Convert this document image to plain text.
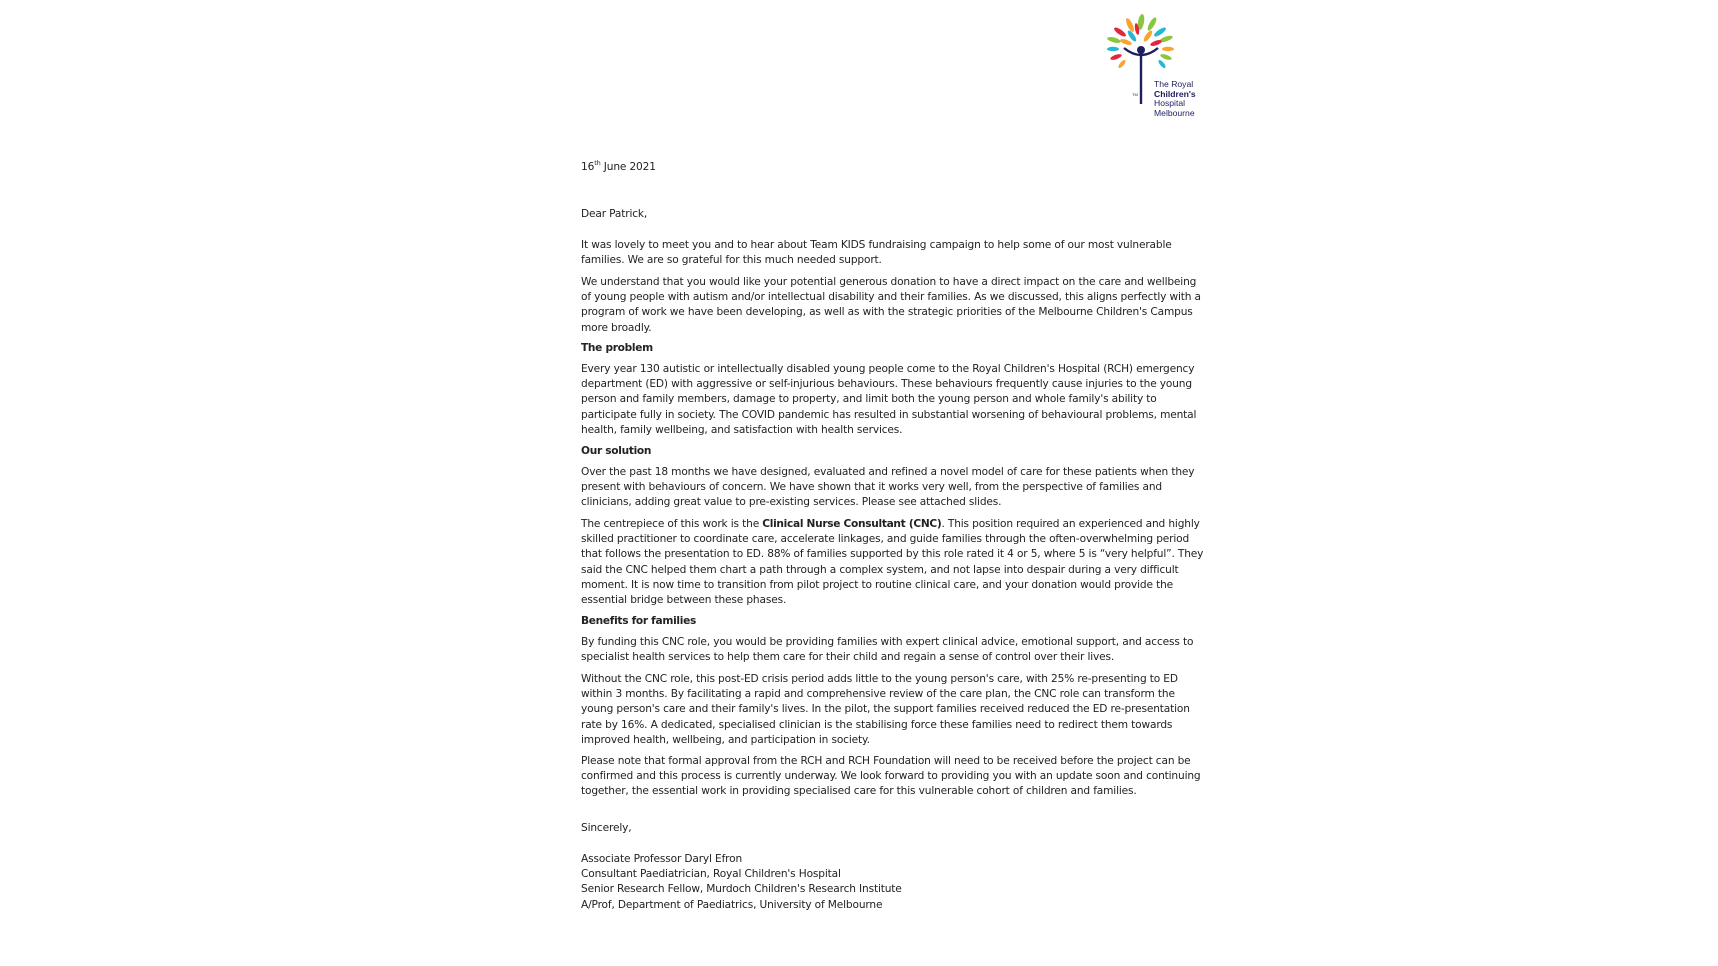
TM
The Royal
Children's
Hospital
Melbourne

16th June 2021

Dear Patrick,

It was lovely to meet you and to hear about Team KIDS fundraising campaign to help some of our most vulnerable families. We are so grateful for this much needed support.

We understand that you would like your potential generous donation to have a direct impact on the care and wellbeing of young people with autism and/or intellectual disability and their families. As we discussed, this aligns perfectly with a program of work we have been developing, as well as with the strategic priorities of the Melbourne Children's Campus more broadly.

The problem

Every year 130 autistic or intellectually disabled young people come to the Royal Children's Hospital (RCH) emergency department (ED) with aggressive or self-injurious behaviours. These behaviours frequently cause injuries to the young person and family members, damage to property, and limit both the young person and whole family's ability to participate fully in society. The COVID pandemic has resulted in substantial worsening of behavioural problems, mental health, family wellbeing, and satisfaction with health services.

Our solution

Over the past 18 months we have designed, evaluated and refined a novel model of care for these patients when they present with behaviours of concern. We have shown that it works very well, from the perspective of families and clinicians, adding great value to pre-existing services. Please see attached slides.

The centrepiece of this work is the Clinical Nurse Consultant (CNC). This position required an experienced and highly skilled practitioner to coordinate care, accelerate linkages, and guide families through the often-overwhelming period that follows the presentation to ED. 88% of families supported by this role rated it 4 or 5, where 5 is “very helpful”. They said the CNC helped them chart a path through a complex system, and not lapse into despair during a very difficult moment. It is now time to transition from pilot project to routine clinical care, and your donation would provide the essential bridge between these phases.

Benefits for families

By funding this CNC role, you would be providing families with expert clinical advice, emotional support, and access to specialist health services to help them care for their child and regain a sense of control over their lives.

Without the CNC role, this post-ED crisis period adds little to the young person's care, with 25% re-presenting to ED within 3 months. By facilitating a rapid and comprehensive review of the care plan, the CNC role can transform the young person's care and their family's lives. In the pilot, the support families received reduced the ED re-presentation rate by 16%. A dedicated, specialised clinician is the stabilising force these families need to redirect them towards improved health, wellbeing, and participation in society.

Please note that formal approval from the RCH and RCH Foundation will need to be received before the project can be confirmed and this process is currently underway. We look forward to providing you with an update soon and continuing together, the essential work in providing specialised care for this vulnerable cohort of children and families.

Sincerely,

Associate Professor Daryl Efron
Consultant Paediatrician, Royal Children's Hospital
Senior Research Fellow, Murdoch Children's Research Institute
A/Prof, Department of Paediatrics, University of Melbourne
